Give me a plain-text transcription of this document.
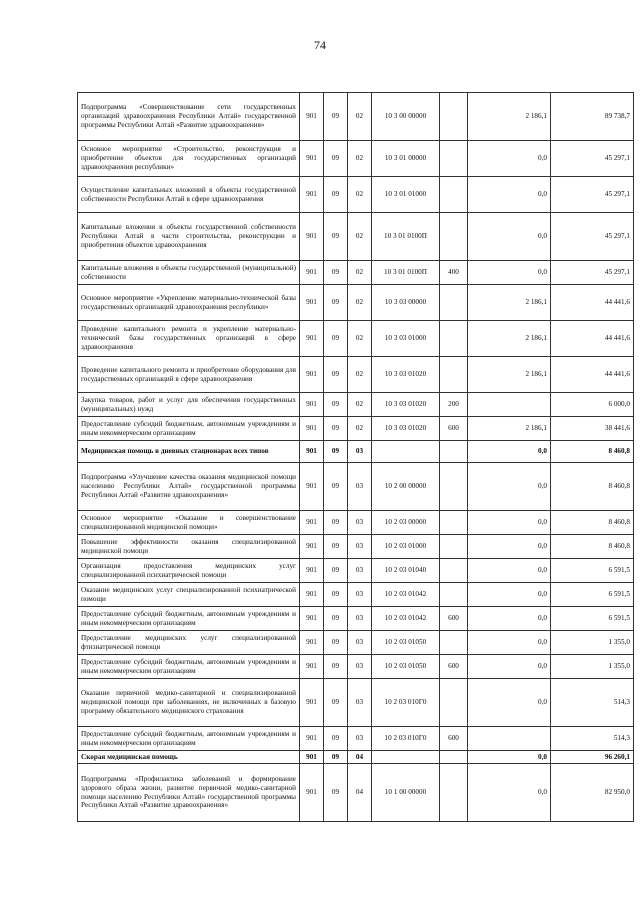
74
Подпрограмма «Совершенствование сети государственных организаций здравоохранения Республики Алтай» государственной программы Республики Алтай «Развитие здравоохранения»	901	09	02	10 3 00 00000		2 186,1	89 738,7
Основное мероприятие «Строительство, реконструкция и приобретение объектов для государственных организаций здравоохранения республики»	901	09	02	10 3 01 00000		0,0	45 297,1
Осуществление капитальных вложений в объекты государственной собственности Республики Алтай в сфере здравоохранения	901	09	02	10 3 01 01000		0,0	45 297,1
Капитальные вложения в объекты государственной собственности Республики Алтай в части строительства, реконструкции и приобретения объектов здравоохранения	901	09	02	10 3 01 0100П		0,0	45 297,1
Капитальные вложения в объекты государственной (муниципальной) собственности	901	09	02	10 3 01 0100П	400	0,0	45 297,1
Основное мероприятие «Укрепление материально-технической базы государственных организаций здравоохранения республики»	901	09	02	10 3 03 00000		2 186,1	44 441,6
Проведение капитального ремонта и укрепление материально-технической базы государственных организаций в сфере здравоохранения	901	09	02	10 3 03 01000		2 186,1	44 441,6
Проведение капитального ремонта и приобретение оборудования для государственных организаций в сфере здравоохранения	901	09	02	10 3 03 01020		2 186,1	44 441,6
Закупка товаров, работ и услуг для обеспечения государственных (муниципальных) нужд	901	09	02	10 3 03 01020	200		6 000,0
Предоставление субсидий бюджетным, автономным учреждениям и иным некоммерческим организациям	901	09	02	10 3 03 01020	600	2 186,1	38 441,6
Медицинская помощь в дневных стационарах всех типов	901	09	03			0,0	8 460,8
Подпрограмма «Улучшение качества оказания медицинской помощи населению Республики Алтай» государственной программы Республики Алтай «Развитие здравоохранения»	901	09	03	10 2 00 00000		0,0	8 460,8
Основное мероприятие «Оказание и совершенствование специализированной медицинской помощи»	901	09	03	10 2 03 00000		0,0	8 460,8
Повышение эффективности оказания специализированной медицинской помощи	901	09	03	10 2 03 01000		0,0	8 460,8
Организация предоставления медицинских услуг специализированной психиатрической помощи	901	09	03	10 2 03 01040		0,0	6 591,5
Оказание медицинских услуг специализированной психиатрической помощи	901	09	03	10 2 03 01042		0,0	6 591,5
Предоставление субсидий бюджетным, автономным учреждениям и иным некоммерческим организациям	901	09	03	10 2 03 01042	600	0,0	6 591,5
Предоставление медицинских услуг специализированной фтизиатрической помощи	901	09	03	10 2 03 01050		0,0	1 355,0
Предоставление субсидий бюджетным, автономным учреждениям и иным некоммерческим организациям	901	09	03	10 2 03 01050	600	0,0	1 355,0
Оказание первичной медико-санитарной и специализированной медицинской помощи при заболеваниях, не включенных в базовую программу обязательного медицинского страхования	901	09	03	10 2 03 010Г0		0,0	514,3
Предоставление субсидий бюджетным, автономным учреждениям и иным некоммерческим организациям	901	09	03	10 2 03 010Г0	600		514,3
Скорая медицинская помощь	901	09	04			0,0	96 260,1
Подпрограмма «Профилактика заболеваний и формирование здорового образа жизни, развитие первичной медико-санитарной помощи населению Республики Алтай» государственной программы Республики Алтай «Развитие здравоохранения»	901	09	04	10 1 00 00000		0,0	82 950,0
